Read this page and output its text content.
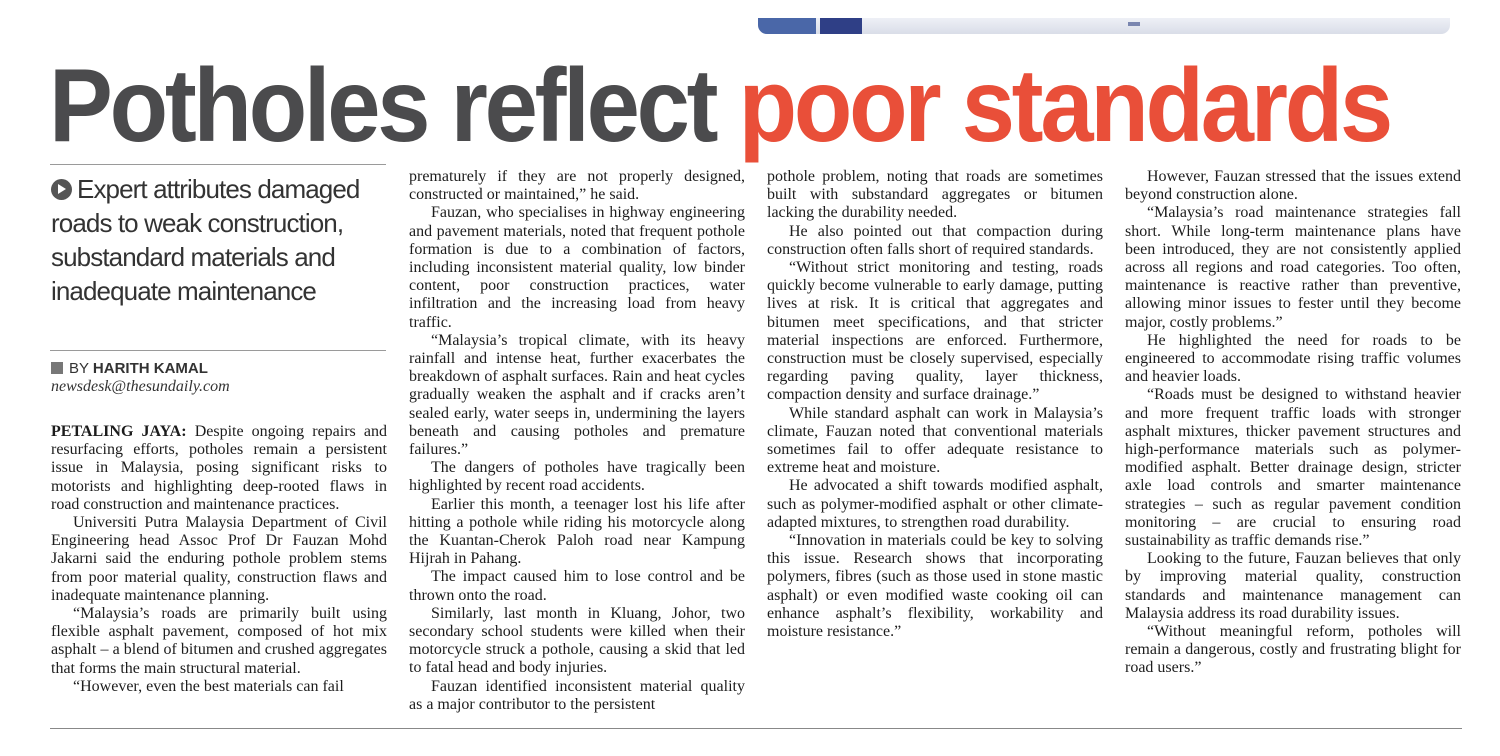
Potholes reflect poor standards

Expert attributes damaged roads to weak construction, substandard materials and inadequate maintenance

BY HARITH KAMAL

newsdesk@thesundaily.com

PETALING JAYA: Despite ongoing repairs and resurfacing efforts, potholes remain a persistent issue in Malaysia, posing significant risks to motorists and highlighting deep-rooted flaws in road construction and maintenance practices.

Universiti Putra Malaysia Department of Civil Engineering head Assoc Prof Dr Fauzan Mohd Jakarni said the enduring pothole problem stems from poor material quality, construction flaws and inadequate maintenance planning.

“Malaysia’s roads are primarily built using flexible asphalt pavement, composed of hot mix asphalt – a blend of bitumen and crushed aggregates that forms the main structural material.

“However, even the best materials can fail

prematurely if they are not properly designed, constructed or maintained,” he said.

Fauzan, who specialises in highway engineering and pavement materials, noted that frequent pothole formation is due to a combination of factors, including inconsistent material quality, low binder content, poor construction practices, water infiltration and the increasing load from heavy traffic.

“Malaysia’s tropical climate, with its heavy rainfall and intense heat, further exacerbates the breakdown of asphalt surfaces. Rain and heat cycles gradually weaken the asphalt and if cracks aren’t sealed early, water seeps in, undermining the layers beneath and causing potholes and premature failures.”

The dangers of potholes have tragically been highlighted by recent road accidents.

Earlier this month, a teenager lost his life after hitting a pothole while riding his motorcycle along the Kuantan-Cherok Paloh road near Kampung Hijrah in Pahang.

The impact caused him to lose control and be thrown onto the road.

Similarly, last month in Kluang, Johor, two secondary school students were killed when their motorcycle struck a pothole, causing a skid that led to fatal head and body injuries.

Fauzan identified inconsistent material quality as a major contributor to the persistent

pothole problem, noting that roads are sometimes built with substandard aggregates or bitumen lacking the durability needed.

He also pointed out that compaction during construction often falls short of required standards.

“Without strict monitoring and testing, roads quickly become vulnerable to early damage, putting lives at risk. It is critical that aggregates and bitumen meet specifications, and that stricter material inspections are enforced. Furthermore, construction must be closely supervised, especially regarding paving quality, layer thickness, compaction density and surface drainage.”

While standard asphalt can work in Malaysia’s climate, Fauzan noted that conventional materials sometimes fail to offer adequate resistance to extreme heat and moisture.

He advocated a shift towards modified asphalt, such as polymer-modified asphalt or other climate-adapted mixtures, to strengthen road durability.

“Innovation in materials could be key to solving this issue. Research shows that incorporating polymers, fibres (such as those used in stone mastic asphalt) or even modified waste cooking oil can enhance asphalt’s flexibility, workability and moisture resistance.”

However, Fauzan stressed that the issues extend beyond construction alone.

“Malaysia’s road maintenance strategies fall short. While long-term maintenance plans have been introduced, they are not consistently applied across all regions and road categories. Too often, maintenance is reactive rather than preventive, allowing minor issues to fester until they become major, costly problems.”

He highlighted the need for roads to be engineered to accommodate rising traffic volumes and heavier loads.

“Roads must be designed to withstand heavier and more frequent traffic loads with stronger asphalt mixtures, thicker pavement structures and high-performance materials such as polymer-modified asphalt. Better drainage design, stricter axle load controls and smarter maintenance strategies – such as regular pavement condition monitoring – are crucial to ensuring road sustainability as traffic demands rise.”

Looking to the future, Fauzan believes that only by improving material quality, construction standards and maintenance management can Malaysia address its road durability issues.

“Without meaningful reform, potholes will remain a dangerous, costly and frustrating blight for road users.”
